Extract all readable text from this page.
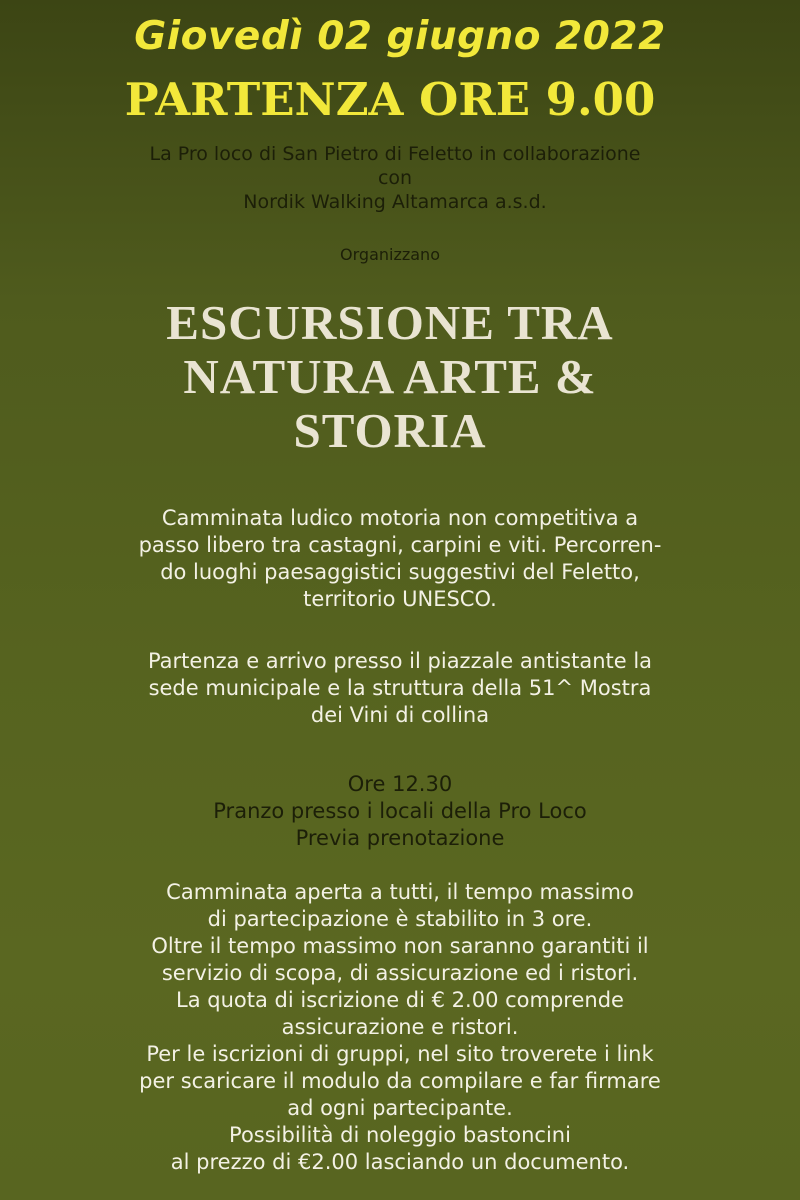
Giovedì 02 giugno 2022
PARTENZA ORE 9.00
La Pro loco di San Pietro di Feletto in collaborazione
con
Nordik Walking Altamarca a.s.d.
Organizzano
ESCURSIONE TRA
NATURA ARTE &
STORIA
Camminata ludico motoria non competitiva a
passo libero tra castagni, carpini e viti. Percorren-
do luoghi paesaggistici suggestivi del Feletto,
territorio UNESCO.
Partenza e arrivo presso il piazzale antistante la
sede municipale e la struttura della 51^ Mostra
dei Vini di collina
Ore 12.30
Pranzo presso i locali della Pro Loco
Previa prenotazione
Camminata aperta a tutti, il tempo massimo
di partecipazione è stabilito in 3 ore.
Oltre il tempo massimo non saranno garantiti il
servizio di scopa, di assicurazione ed i ristori.
La quota di iscrizione di € 2.00 comprende
assicurazione e ristori.
Per le iscrizioni di gruppi, nel sito troverete i link
per scaricare il modulo da compilare e far firmare
ad ogni partecipante.
Possibilità di noleggio bastoncini
al prezzo di €2.00 lasciando un documento.
